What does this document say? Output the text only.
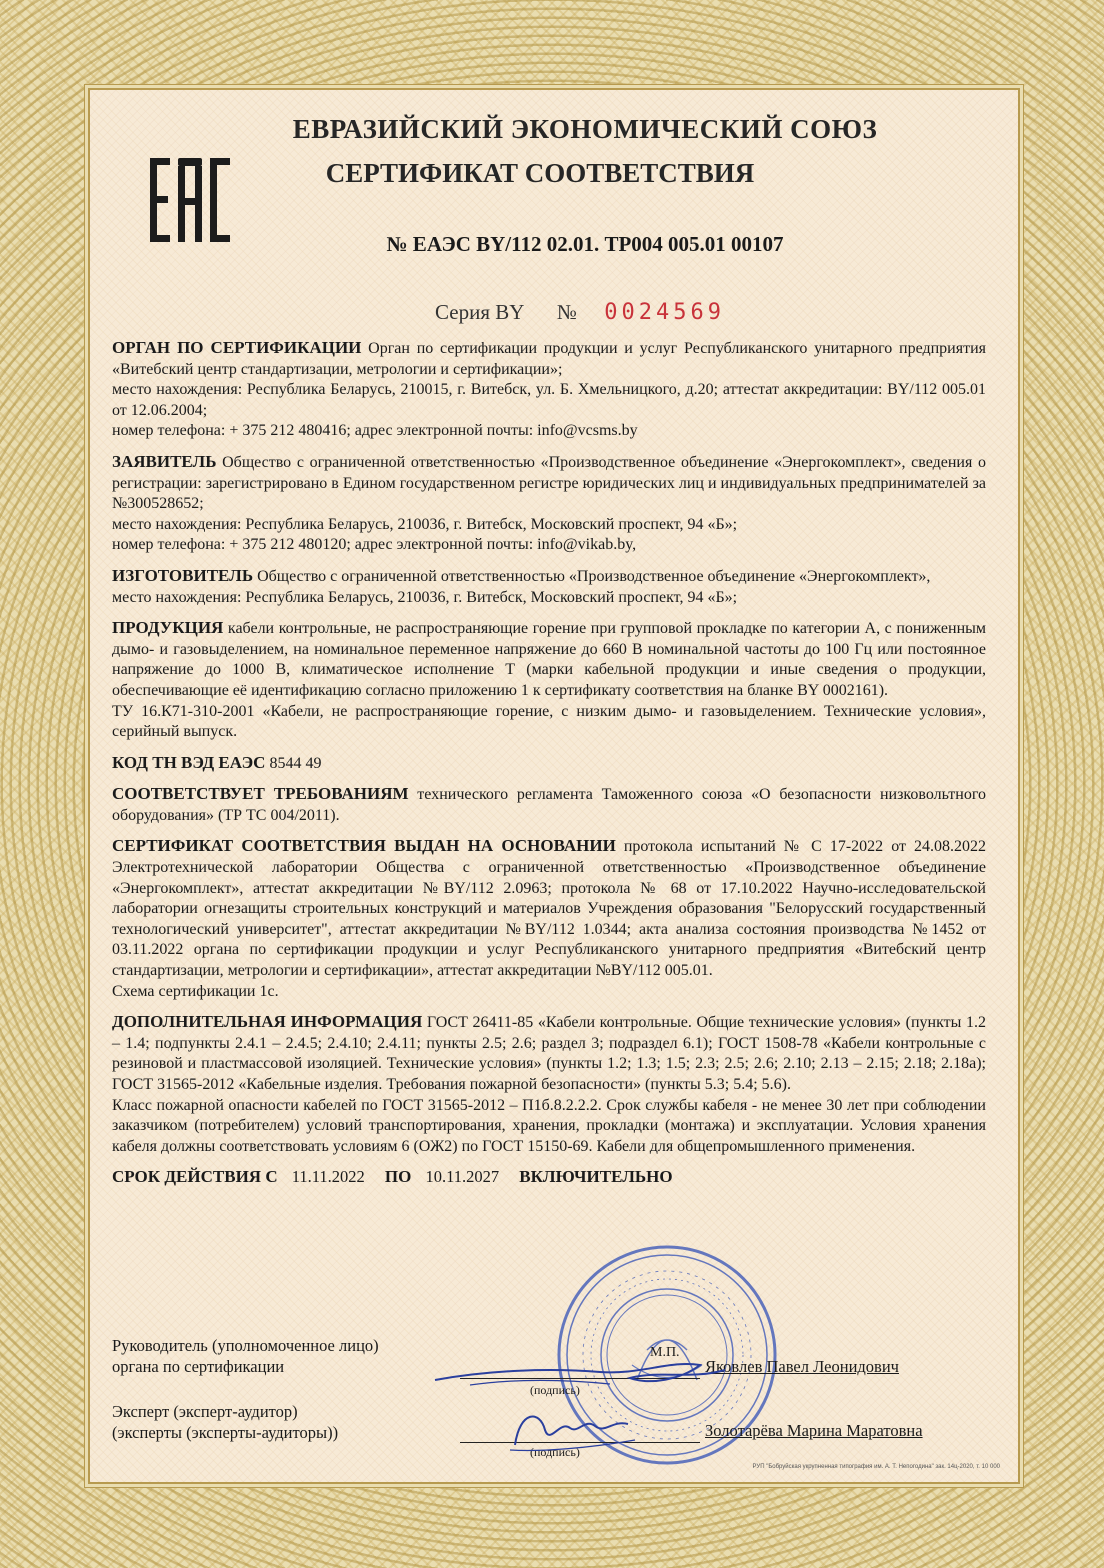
ЕВРАЗИЙСКИЙ ЭКОНОМИЧЕСКИЙ СОЮЗ
СЕРТИФИКАТ СООТВЕТСТВИЯ
№ ЕАЭС BY/112 02.01. ТР004 005.01 00107
Серия BY № 0024569

ОРГАН ПО СЕРТИФИКАЦИИ Орган по сертификации продукции и услуг Республиканского унитарного предприятия «Витебский центр стандартизации, метрологии и сертификации»;

место нахождения: Республика Беларусь, 210015, г. Витебск, ул. Б. Хмельницкого, д.20; аттестат аккредитации: BY/112 005.01 от 12.06.2004;

номер телефона: + 375 212 480416; адрес электронной почты: info@vcsms.by

ЗАЯВИТЕЛЬ Общество с ограниченной ответственностью «Производственное объединение «Энергокомплект», сведения о регистрации: зарегистрировано в Едином государственном регистре юридических лиц и индивидуальных предпринимателей за №300528652;

место нахождения: Республика Беларусь, 210036, г. Витебск, Московский проспект, 94 «Б»;

номер телефона: + 375 212 480120; адрес электронной почты: info@vikab.by,

ИЗГОТОВИТЕЛЬ Общество с ограниченной ответственностью «Производственное объединение «Энергокомплект»,

место нахождения: Республика Беларусь, 210036, г. Витебск, Московский проспект, 94 «Б»;

ПРОДУКЦИЯ кабели контрольные, не распространяющие горение при групповой прокладке по категории А, с пониженным дымо- и газовыделением, на номинальное переменное напряжение до 660 В номинальной частоты до 100 Гц или постоянное напряжение до 1000 В, климатическое исполнение Т (марки кабельной продукции и иные сведения о продукции, обеспечивающие её идентификацию согласно приложению 1 к сертификату соответствия на бланке BY 0002161).

ТУ 16.К71-310-2001 «Кабели, не распространяющие горение, с низким дымо- и газовыделением. Технические условия», серийный выпуск.

КОД ТН ВЭД ЕАЭС 8544 49

СООТВЕТСТВУЕТ ТРЕБОВАНИЯМ технического регламента Таможенного союза «О безопасности низковольтного оборудования» (ТР ТС 004/2011).

СЕРТИФИКАТ СООТВЕТСТВИЯ ВЫДАН НА ОСНОВАНИИ протокола испытаний № С 17-2022 от 24.08.2022 Электротехнической лаборатории Общества с ограниченной ответственностью «Производственное объединение «Энергокомплект», аттестат аккредитации №BY/112 2.0963; протокола № 68 от 17.10.2022 Научно-исследовательской лаборатории огнезащиты строительных конструкций и материалов Учреждения образования "Белорусский государственный технологический университет", аттестат аккредитации №BY/112 1.0344; акта анализа состояния производства №1452 от 03.11.2022 органа по сертификации продукции и услуг Республиканского унитарного предприятия «Витебский центр стандартизации, метрологии и сертификации», аттестат аккредитации №BY/112 005.01.

Схема сертификации 1с.

ДОПОЛНИТЕЛЬНАЯ ИНФОРМАЦИЯ ГОСТ 26411-85 «Кабели контрольные. Общие технические условия» (пункты 1.2 – 1.4; подпункты 2.4.1 – 2.4.5; 2.4.10; 2.4.11; пункты 2.5; 2.6; раздел 3; подраздел 6.1); ГОСТ 1508-78 «Кабели контрольные с резиновой и пластмассовой изоляцией. Технические условия» (пункты 1.2; 1.3; 1.5; 2.3; 2.5; 2.6; 2.10; 2.13 – 2.15; 2.18; 2.18а); ГОСТ 31565-2012 «Кабельные изделия. Требования пожарной безопасности» (пункты 5.3; 5.4; 5.6).

Класс пожарной опасности кабелей по ГОСТ 31565-2012 – П1б.8.2.2.2. Срок службы кабеля - не менее 30 лет при соблюдении заказчиком (потребителем) условий транспортирования, хранения, прокладки (монтажа) и эксплуатации. Условия хранения кабеля должны соответствовать условиям 6 (ОЖ2) по ГОСТ 15150-69. Кабели для общепромышленного применения.

СРОК ДЕЙСТВИЯ С 11.11.2022 ПО 10.11.2027 ВКЛЮЧИТЕЛЬНО
М.П.
Руководитель (уполномоченное лицо)
органа по сертификации
(подпись)
Яковлев Павел Леонидович
Эксперт (эксперт-аудитор)
(эксперты (эксперты-аудиторы))
(подпись)
Золотарёва Марина Маратовна
РУП "Бобруйская укрупненная типография им. А. Т. Непогодина" зак. 14ц-2020, т. 10 000
